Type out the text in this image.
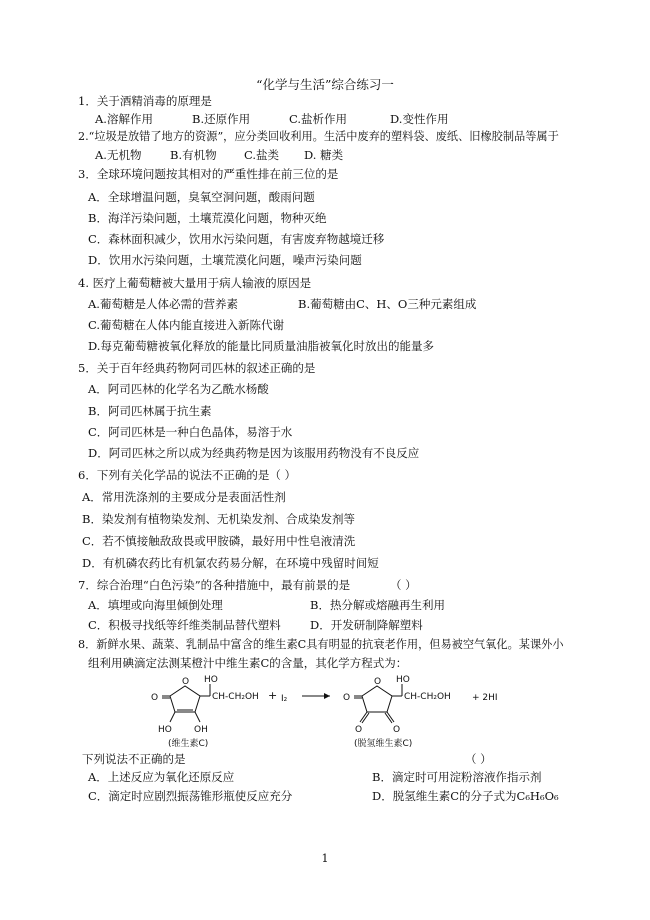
“化学与生活”综合练习一
1．关于酒精消毒的原理是
A.溶解作用	B.还原作用	C.盐析作用	D.变性作用
2.“垃圾是放错了地方的资源”，应分类回收利用。生活中废弃的塑料袋、废纸、旧橡胶制品等属于
A.无机物 B.有机物 C.盐类 D. 糖类
3．全球环境问题按其相对的严重性排在前三位的是
A．全球增温问题，臭氧空洞问题，酸雨问题
B．海洋污染问题，土壤荒漠化问题，物种灭绝
C．森林面积减少，饮用水污染问题，有害废弃物越境迁移
D．饮用水污染问题，土壤荒漠化问题，噪声污染问题
4. 医疗上葡萄糖被大量用于病人输液的原因是
A.葡萄糖是人体必需的营养素	B.葡萄糖由C、H、O三种元素组成
C.葡萄糖在人体内能直接进入新陈代谢
D.每克葡萄糖被氧化释放的能量比同质量油脂被氧化时放出的能量多
5．关于百年经典药物阿司匹林的叙述正确的是
A．阿司匹林的化学名为乙酰水杨酸
B．阿司匹林属于抗生素
C．阿司匹林是一种白色晶体，易溶于水
D．阿司匹林之所以成为经典药物是因为该服用药物没有不良反应
6．下列有关化学品的说法不正确的是（ ）
A．常用洗涤剂的主要成分是表面活性剂
B．染发剂有植物染发剂、无机染发剂、合成染发剂等
C．若不慎接触敌敌畏或甲胺磷，最好用中性皂液清洗
D．有机磷农药比有机氯农药易分解，在环境中残留时间短
7．综合治理“白色污染”的各种措施中，最有前景的是	（ ）
A．填埋或向海里倾倒处理	B．热分解或熔融再生利用
C．积极寻找纸等纤维类制品替代塑料	D．开发研制降解塑料
8．新鲜水果、蔬菜、乳制品中富含的维生素C具有明显的抗衰老作用，但易被空气氧化。某课外小
组利用碘滴定法测某橙汁中维生素C的含量，其化学方程式为：
O
O
HO OH
HO
CH-CH₂OH
(维生素C)
+ I₂	O
O
O	O
HO
CH-CH₂OH
(脱氢维生素C)
+ 2HI
下列说法不正确的是	（ ）
A．上述反应为氧化还原反应	B．滴定时可用淀粉溶液作指示剂
C．滴定时应剧烈振荡锥形瓶使反应充分	D．脱氢维生素C的分子式为C₆H₆O₆
1
